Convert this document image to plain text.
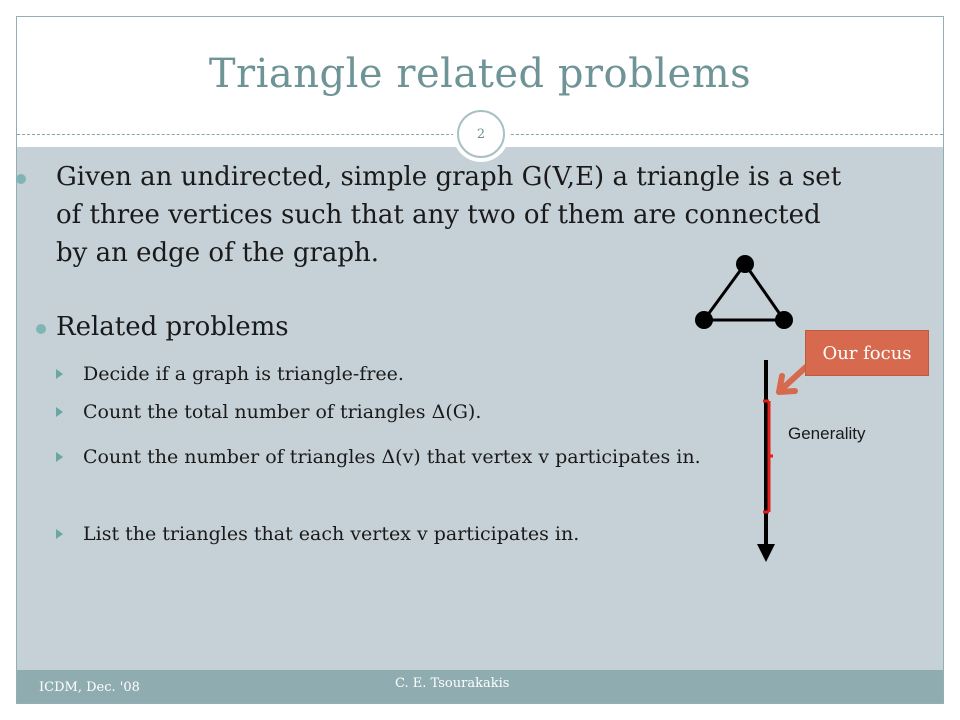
Triangle related problems
2
ICDM, Dec. '08	C. E. Tsourakakis
Given an undirected, simple graph G(V,E) a triangle is a set of three vertices such that any two of them are connected by an edge of the graph.
Related problems
Decide if a graph is triangle-free.
Count the total number of triangles Δ(G).
Count the number of triangles Δ(v) that vertex v participates in.
List the triangles that each vertex v participates in.
Our focus
Generality
